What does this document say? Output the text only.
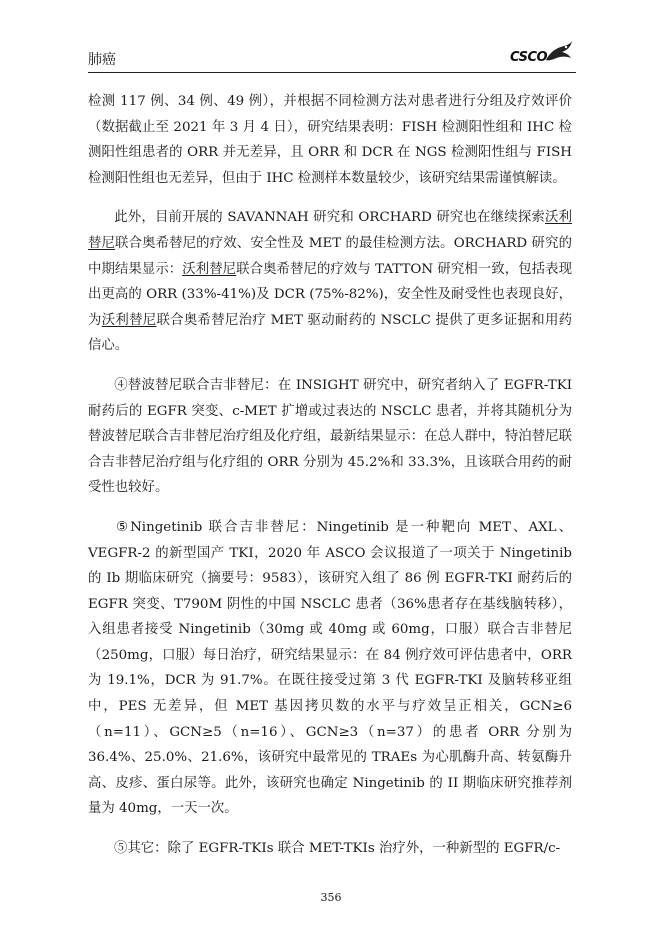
肺癌	CSCO

检测 117 例、34 例、49 例），并根据不同检测方法对患者进行分组及疗效评价（数据截止至 2021 年 3 月 4 日），研究结果表明：FISH 检测阳性组和 IHC 检测阳性组患者的 ORR 并无差异，且 ORR 和 DCR 在 NGS 检测阳性组与 FISH 检测阳性组也无差异，但由于 IHC 检测样本数量较少，该研究结果需谨慎解读。

此外，目前开展的 SAVANNAH 研究和 ORCHARD 研究也在继续探索沃利替尼联合奥希替尼的疗效、安全性及 MET 的最佳检测方法。ORCHARD 研究的中期结果显示：沃利替尼联合奥希替尼的疗效与 TATTON 研究相一致，包括表现出更高的 ORR (33%-41%)及 DCR (75%-82%)，安全性及耐受性也表现良好，为沃利替尼联合奥希替尼治疗 MET 驱动耐药的 NSCLC 提供了更多证据和用药信心。

④替波替尼联合吉非替尼：在 INSIGHT 研究中，研究者纳入了 EGFR-TKI 耐药后的 EGFR 突变、c-MET 扩增或过表达的 NSCLC 患者，并将其随机分为替波替尼联合吉非替尼治疗组及化疗组，最新结果显示：在总人群中，特泊替尼联合吉非替尼治疗组与化疗组的 ORR 分别为 45.2%和 33.3%，且该联合用药的耐受性也较好。

⑤Ningetinib 联合吉非替尼：Ningetinib 是一种靶向 MET、AXL、VEGFR-2 的新型国产 TKI，2020 年 ASCO 会议报道了一项关于 Ningetinib 的 Ib 期临床研究（摘要号：9583），该研究入组了 86 例 EGFR-TKI 耐药后的 EGFR 突变、T790M 阴性的中国 NSCLC 患者（36%患者存在基线脑转移），入组患者接受 Ningetinib（30mg 或 40mg 或 60mg，口服）联合吉非替尼（250mg，口服）每日治疗，研究结果显示：在 84 例疗效可评估患者中，ORR 为 19.1%，DCR 为 91.7%。在既往接受过第 3 代 EGFR-TKI 及脑转移亚组中，PES 无差异，但 MET 基因拷贝数的水平与疗效呈正相关，GCN≥6（n=11）、GCN≥5（n=16）、GCN≥3（n=37）的患者 ORR 分别为 36.4%、25.0%、21.6%，该研究中最常见的 TRAEs 为心肌酶升高、转氨酶升高、皮疹、蛋白尿等。此外，该研究也确定 Ningetinib 的 II 期临床研究推荐剂量为 40mg，一天一次。

⑤其它：除了 EGFR-TKIs 联合 MET-TKIs 治疗外，一种新型的 EGFR/c-

356
